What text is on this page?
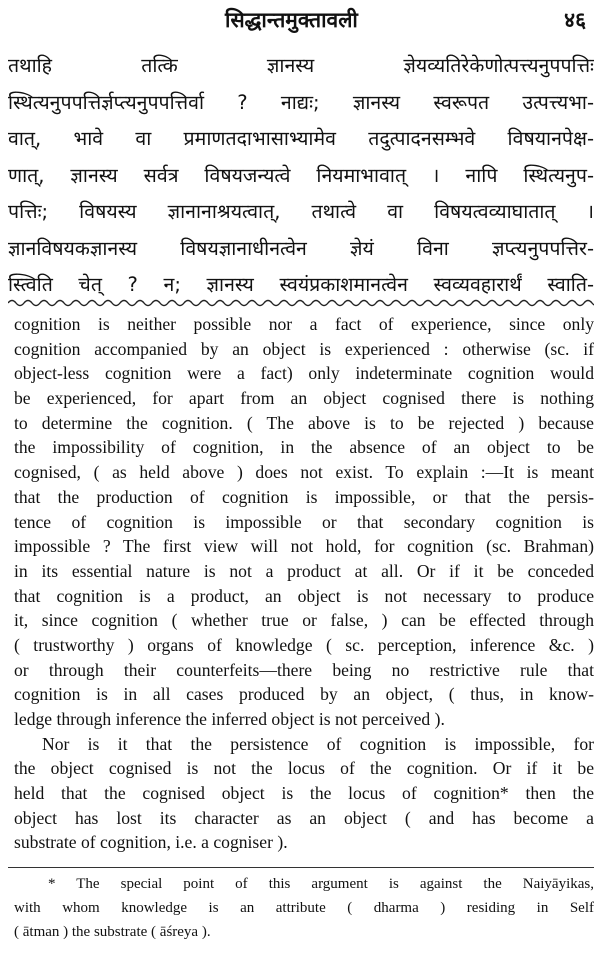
सिद्धान्तमुक्तावली	४६
तथाहि तत्कि ज्ञानस्य ज्ञेयव्यतिरेकेणोत्पत्त्यनुपपत्तिः
स्थित्यनुपपत्तिर्ज्ञप्त्यनुपपत्तिर्वा ? नाद्यः; ज्ञानस्य स्वरूपत उत्पत्त्यभा-
वात्, भावे वा प्रमाणतदाभासाभ्यामेव तदुत्पादनसम्भवे विषयानपेक्ष-
णात्, ज्ञानस्य सर्वत्र विषयजन्यत्वे नियमाभावात् । नापि स्थित्यनुप-
पत्तिः; विषयस्य ज्ञानानाश्रयत्वात्, तथात्वे वा विषयत्वव्याघातात् ।
ज्ञानविषयकज्ञानस्य विषयज्ञानाधीनत्वेन ज्ञेयं विना ज्ञप्त्यनुपपत्तिर-
स्त्विति चेत् ? न; ज्ञानस्य स्वयंप्रकाशमानत्वेन स्वव्यवहारार्थं स्वाति-
cognition is neither possible nor a fact of experience, since only
cognition accompanied by an object is experienced : otherwise (sc. if
object-less cognition were a fact) only indeterminate cognition would
be experienced, for apart from an object cognised there is nothing
to determine the cognition. ( The above is to be rejected ) because
the impossibility of cognition, in the absence of an object to be
cognised, ( as held above ) does not exist. To explain :—It is meant
that the production of cognition is impossible, or that the persis-
tence of cognition is impossible or that secondary cognition is
impossible ? The first view will not hold, for cognition (sc. Brahman)
in its essential nature is not a product at all. Or if it be conceded
that cognition is a product, an object is not necessary to produce
it, since cognition ( whether true or false, ) can be effected through
( trustworthy ) organs of knowledge ( sc. perception, inference &c. )
or through their counterfeits—there being no restrictive rule that
cognition is in all cases produced by an object, ( thus, in know-
ledge through inference the inferred object is not perceived ).
Nor is it that the persistence of cognition is impossible, for
the object cognised is not the locus of the cognition. Or if it be
held that the cognised object is the locus of cognition* then the
object has lost its character as an object ( and has become a
substrate of cognition, i.e. a cogniser ).
* The special point of this argument is against the Naiyāyikas,
with whom knowledge is an attribute ( dharma ) residing in Self
( ātman ) the substrate ( āśreya ).
